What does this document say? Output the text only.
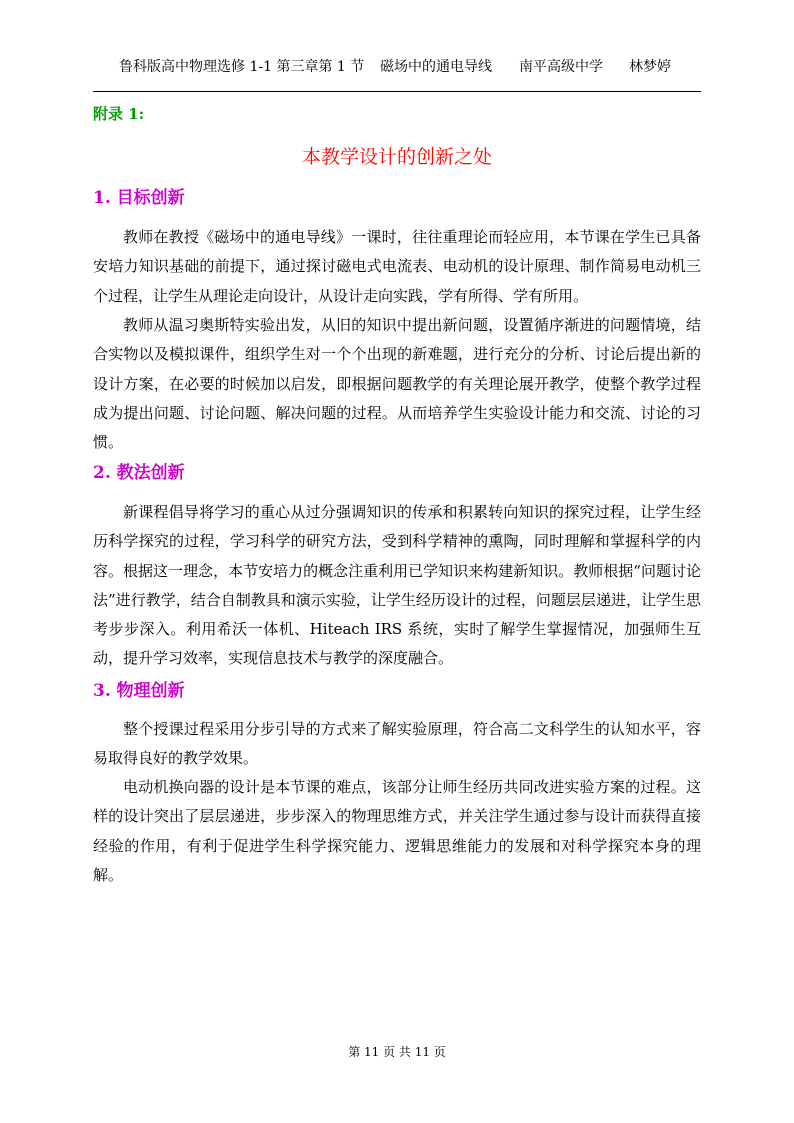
鲁科版高中物理选修 1-1 第三章第 1 节 磁场中的通电导线 南平高级中学 林梦婷
附录 1:
本教学设计的创新之处
1. 目标创新

教师在教授《磁场中的通电导线》一课时，往往重理论而轻应用，本节课在学生已具备安培力知识基础的前提下，通过探讨磁电式电流表、电动机的设计原理、制作简易电动机三个过程，让学生从理论走向设计，从设计走向实践，学有所得、学有所用。

教师从温习奥斯特实验出发，从旧的知识中提出新问题，设置循序渐进的问题情境，结合实物以及模拟课件，组织学生对一个个出现的新难题，进行充分的分析、讨论后提出新的设计方案，在必要的时候加以启发，即根据问题教学的有关理论展开教学，使整个教学过程成为提出问题、讨论问题、解决问题的过程。从而培养学生实验设计能力和交流、讨论的习惯。

2. 教法创新

新课程倡导将学习的重心从过分强调知识的传承和积累转向知识的探究过程，让学生经历科学探究的过程，学习科学的研究方法，受到科学精神的熏陶，同时理解和掌握科学的内容。根据这一理念，本节安培力的概念注重利用已学知识来构建新知识。教师根据“问题讨论法”进行教学，结合自制教具和演示实验，让学生经历设计的过程，问题层层递进，让学生思考步步深入。利用希沃一体机、Hiteach IRS 系统，实时了解学生掌握情况，加强师生互动，提升学习效率，实现信息技术与教学的深度融合。

3. 物理创新

整个授课过程采用分步引导的方式来了解实验原理，符合高二文科学生的认知水平，容易取得良好的教学效果。

电动机换向器的设计是本节课的难点，该部分让师生经历共同改进实验方案的过程。这样的设计突出了层层递进，步步深入的物理思维方式，并关注学生通过参与设计而获得直接经验的作用，有利于促进学生科学探究能力、逻辑思维能力的发展和对科学探究本身的理解。

第 11 页 共 11 页
